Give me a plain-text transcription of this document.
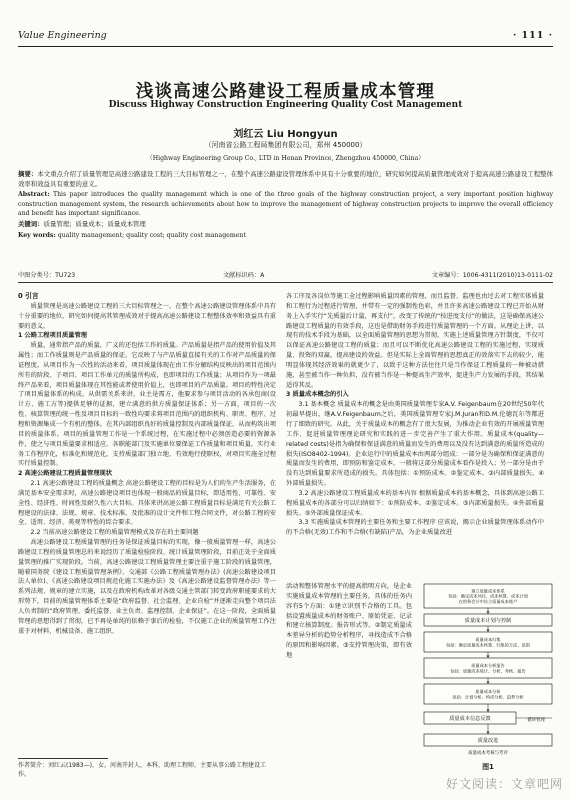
Value Engineering	· 111 ·
浅谈高速公路建设工程质量成本管理
Discuss Highway Construction Engineering Quality Cost Management
刘红云 Liu Hongyun
（河南省公路工程局集团有限公司，郑州 450000）
（Highway Engineering Group Co., LTD in Henan Province, Zhengzhou 450000, China）

摘要：本文重点介绍了质量管理是高速公路建设工程的三大目标管理之一，在整个高速公路建设管理体系中具有十分重要的地位，研究如何提高质量管理成效对于提高高速公路建设工程整体效率和效益具有重要的意义。

Abstract: This paper introduces the quality management which is one of the three goals of the highway construction project, a very important position highway construction management system, the research achievements about how to improve the management of highway construction projects to improve the overall efficiency and benefit has important significance.

关键词：质量管理；质量成本；质量成本管理

Key words: quality management; quality cost; quality cost management

中图分类号：TU723	文献标识码：A	文章编号：1006-4311(2010)13-0111-02

0 引言

质量管理是高速公路建设工程的三大目标管理之一，在整个高速公路建设管理体系中具有十分重要的地位，研究如何提高其管理成效对于提高高速公路建设工程整体效率和效益具有重要的意义。

1 公路工程项目质量管理

质量，通常指产品的质量，广义的还包括工作的质量。产品质量是指产品的使用价值及其属性；而工作质量则是产品质量的保证，它反映了与产品质量直接有关的工作对产品质量的保证程度。从项目作为一次性的活动来看，项目质量体现在由工作分解结构反映出的项目范围内所有的阶段、子项目、项目工作单元的质量所构成，也即项目的工作质量；从项目作为一项最终产品来看，项目质量体现在其性能或者使用价值上，也即项目的产品质量。项目的特性决定了项目质量体系的构成。从供需关系来讲，业主是需方，他要求参与项目活动的各承包商(设计方、施工方等)提供足够的证据，建立满意的供方质量保证体系；另一方面，项目的一次性、核算管理的统一性及项目目标的一致性均要求将项目范围内的组织机构、职责、程序、过程和资源集成一个有机的整体，在其内部组织良好的质量控制及内部质量保证，从而构筑出项目的质量体系。项目的质量管理工作是一个系统过程，在实施过程中必须创造必要的资源条件，使之与项目质量要求相适应。各职能部门及实施单位要保证工作质量和项目质量，实行业务工作程序化，标准化和规范化，支持质量部门独立地、有效地行使职权，对项目实施全过程实行质量控制。

2 高速公路建设工程质量管理现状

2.1 高速公路建设工程的质量概念 高速公路建设工程的目标是为人们的生产生活服务，在满足基本安全需求时，高速公路建设项目也体现一般商品的质量目标，即适用性、可靠性、安全性、经济性、时间性及耐久性六大目标。具体来讲高速公路工程质量目标是满足有关公路工程建设的法律、法规、规章、技术标准，及批准的设计文件和工程合同文件，对公路工程的安全、适用、经济、美观等特性的综合要求。

2.2 当前高速公路建设工程的质量管理模式及存在的主要问题

高速公路建设工程质量管理的任务是保证质量目标的实现，像一般质量管理一样，高速公路建设工程的质量管理总的来说经历了质量检验阶段、统计质量管理阶段，目前正处于全面质量管理的推广实现阶段。当前，高速公路建设工程质量管理主要注重于施工阶段的质量管理，随着国务院《建设工程质量管理条例》、交通部《公路工程质量管理办法》(高速公路建设项目法人单位)、《高速公路建设项目规范化施工实施办法》及《高速公路建设监督管理办法》等一系列法规、规章的建立实施，以及在政府机构改革对各级交通主管部门转变政府职能要求的大形势下，目前的质量管理体系主要是“政府监督、社会监理、企业自检”并逐渐走向整个项目法人负责制的“政府管理、委托监督、业主负责、监理控制、企业保证”。在这一阶段，全面质量管理的思想得到了贯彻，已不再是单纯的依赖于事后的检验，不仅施工企业的质量管理工作注重于对材料、机械设备、施工组织、

各工序及各岗位等施工全过程影响质量因素的管理，而且监督、监理也由过去对工程实体质量和工程行为过程进行管理，并带有一定的强制性色彩，并且许多高速公路建设工程已开始从财务上入手实行“先质量后计量，再支付”，改变了传统的“按进度支付”的做法，这是确保高速公路建设工程质量的有效手段，这也是借助财务手段进行质量管理的一个方面。从理论上讲，以现有的技术手段为基础，以全面质量管理的思想为贯彻，实施上述质量管理方针制度，不仅可以保证高速公路建设工程的质量；而且可以不断优化高速公路建设工程的实施过程，实现质量、投资的双赢，提高建设的效益。但是实际上全面管理的思想真正的效落实下去的较少，能明显体现其经济效果的就更少了，以致于这种方法往往只是当作保证工程质量的一种被动措施，甚至被当作一种负担，没有被当作是一种提高生产效率，促进生产力发展的手段，其结果适得其反。

3 质量成本概念的引入

3.1 基本概念 质量成本的概念是由美国质量管理专家A.V. Feigenbaum在20世纪50年代初最早提出，继A.V.Feigenbaum之后，美国质量管理专家J.M.Juran和D.M.伦德瓦尔等都进行了细致的研究。从此，关于质量成本的概念有了很大发展，为推动企业有效的开展质量管理工作、促进质量管理理论研究和实践的进一步完善产生了重大作用。质量成本(quality—related costs)是指为确保和保证满意的质量而发生的费用以及没有达到满意的质量所造成的损失(ISO8402-1994)。企业运行中的质量成本由两部分组成：一部分是为确保和保证满意的质量而发生的费用，即预防和鉴定成本，一般将这部分质量成本看作是投入；另一部分是由于没有达到质量要求所造成的损失。具体包括：①预防成本。②鉴定成本。③内部质量损失。④外部质量损失。

3.2 高速公路建设工程质量成本的基本内容 根据质量成本的基本概念，具体到高速公路工程质量成本的各部分可以归纳如下：①预防成本。②鉴定成本。③内部质量损失。④外部质量损失。⑤外部质量保证成本。

3.3 实施质量成本管理的主要任务和主要工作程序 应该说，揭示企业质量管理体系动作中的不合格(无效)工作和不合格(有缺陷)产品，为企业质量改进

活动和整体管理水平的提高指明方向，是企业实施质量成本管理的主要任务，具体的任务内容有5个方面：①建立识别不合格的工具。包括设置质量成本的财务账户、原始凭证、记录和建立核算制度。报告形式等。②制定质量成本差异分析的趋势分析程序，寻找造成不合格的原因和影响因素。③支持管理决策，即有效地

建立质量成本体系
包括：确定成本项目、成本核算、成本计划
在财务会计中设立质量成本账户
质量成本计划与控制
质量成本归集
包括：确定质量成本核算、归集的方法、范围
质量成本分析报告
包括：质量成本统计、分析、考核、报告
质量成本分析
包括：计划分析、构成分析、趋势分析
质量成本信息反馈
质量改进
循环管理
质量成本考核与考评
图1
作者简介：刘红云(1983—)，女，河南开封人，本科，助理工程师，主要从事公路工程建设工作。
好文阅读：文章吧网
